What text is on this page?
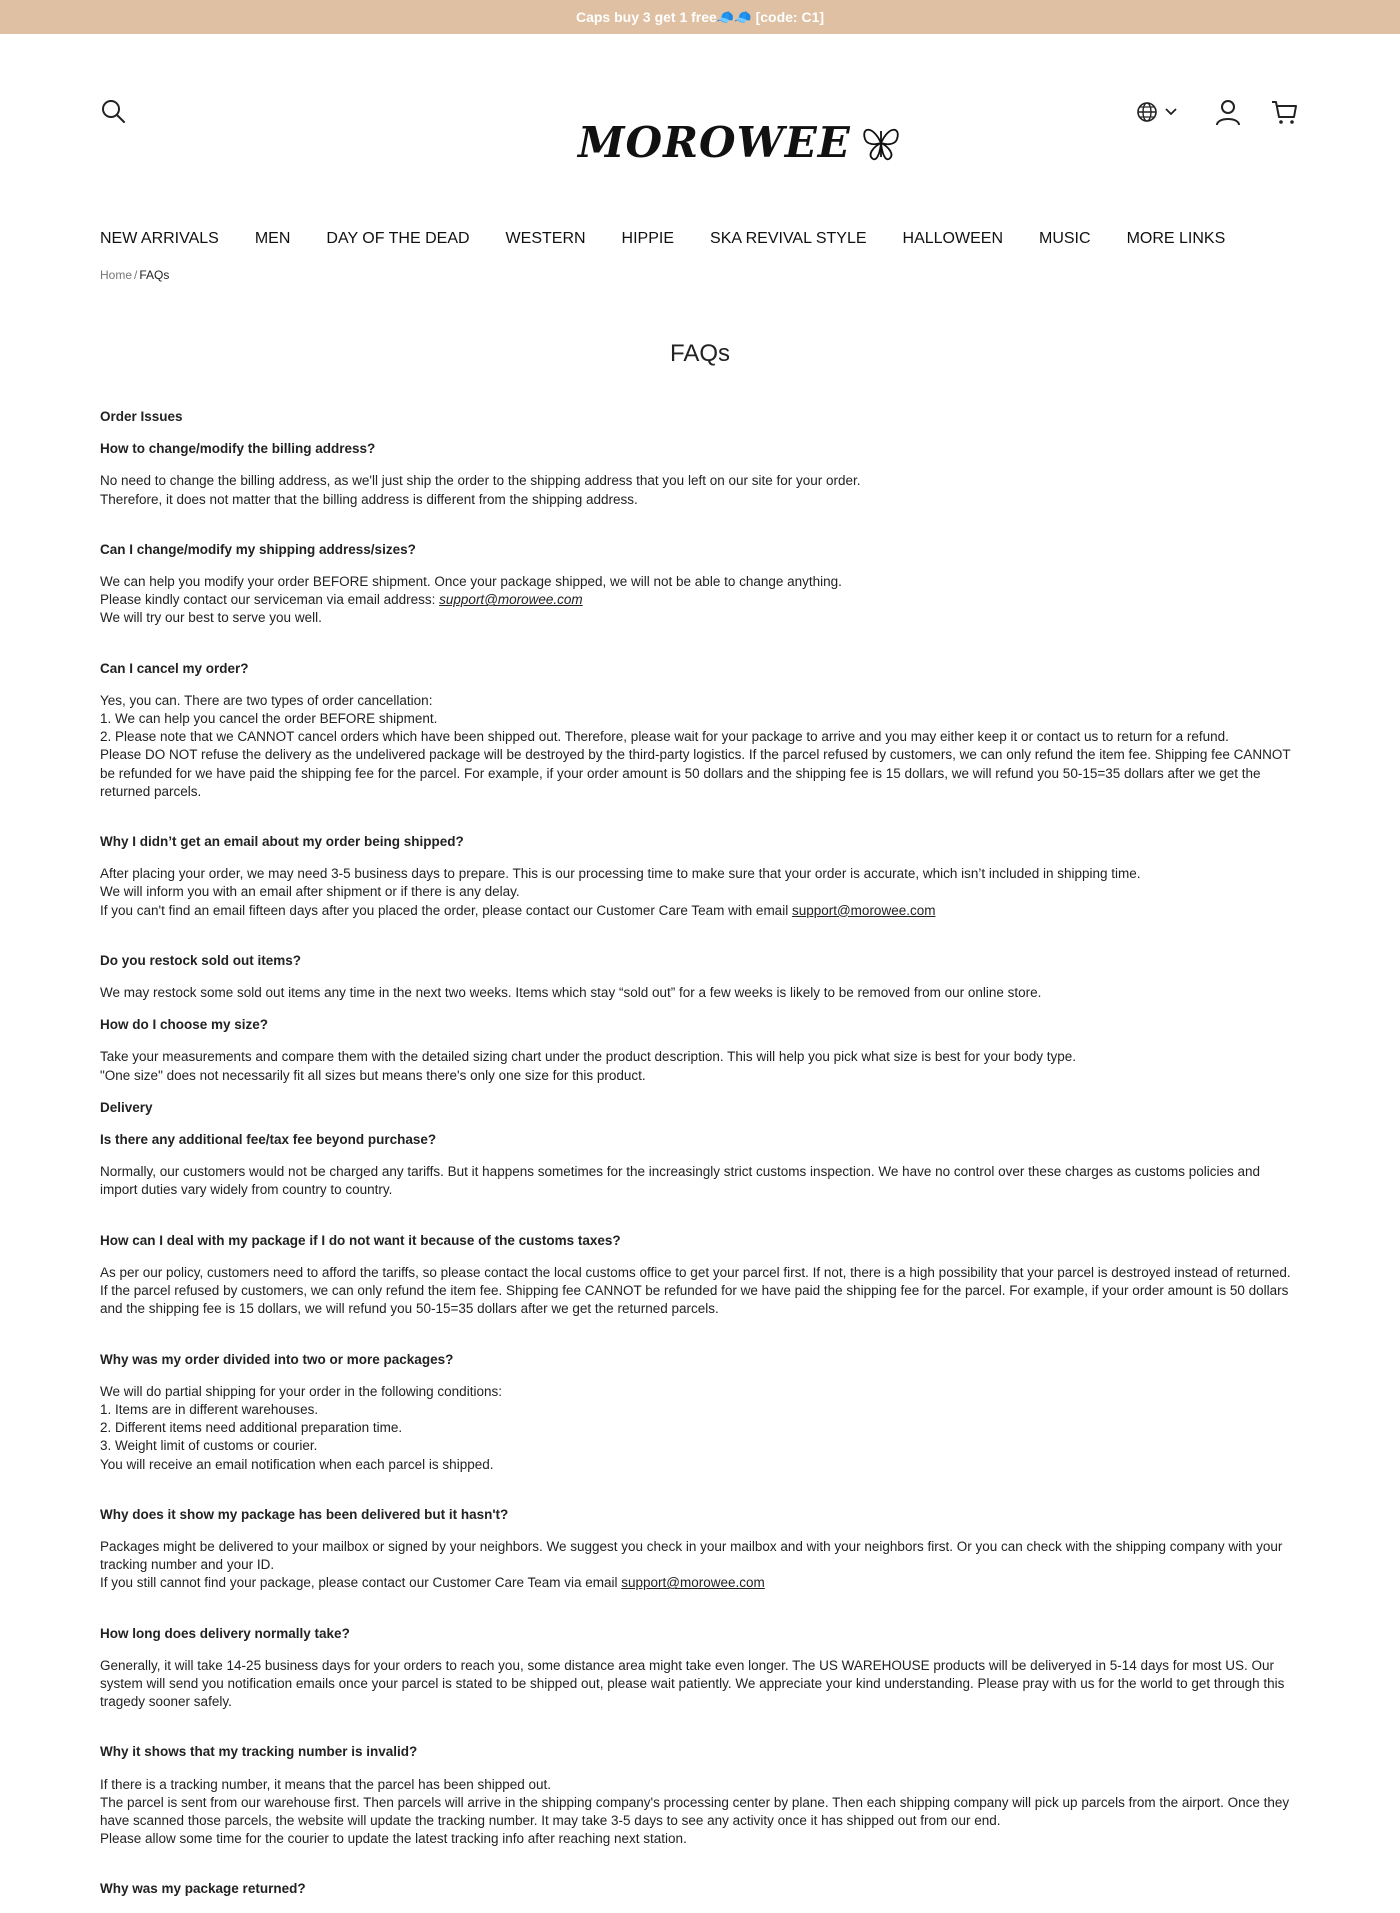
Caps buy 3 get 1 free🧢🧢 [code: C1]
MOROWEE
NEW ARRIVALS MEN DAY OF THE DEAD WESTERN HIPPIE SKA REVIVAL STYLE HALLOWEEN MUSIC MORE LINKS
Home / FAQs
FAQs
Order Issues
How to change/modify the billing address?
No need to change the billing address, as we'll just ship the order to the shipping address that you left on our site for your order.
Therefore, it does not matter that the billing address is different from the shipping address.
Can I change/modify my shipping address/sizes?
We can help you modify your order BEFORE shipment. Once your package shipped, we will not be able to change anything.
Please kindly contact our serviceman via email address: support@morowee.com
We will try our best to serve you well.
Can I cancel my order?
Yes, you can. There are two types of order cancellation:
1. We can help you cancel the order BEFORE shipment.
2. Please note that we CANNOT cancel orders which have been shipped out. Therefore, please wait for your package to arrive and you may either keep it or contact us to return for a refund.
Please DO NOT refuse the delivery as the undelivered package will be destroyed by the third-party logistics. If the parcel refused by customers, we can only refund the item fee. Shipping fee CANNOT be refunded for we have paid the shipping fee for the parcel. For example, if your order amount is 50 dollars and the shipping fee is 15 dollars, we will refund you 50-15=35 dollars after we get the returned parcels.
Why I didn’t get an email about my order being shipped?
After placing your order, we may need 3-5 business days to prepare. This is our processing time to make sure that your order is accurate, which isn’t included in shipping time.
We will inform you with an email after shipment or if there is any delay.
If you can't find an email fifteen days after you placed the order, please contact our Customer Care Team with email support@morowee.com
Do you restock sold out items?
We may restock some sold out items any time in the next two weeks. Items which stay “sold out” for a few weeks is likely to be removed from our online store.
How do I choose my size?
Take your measurements and compare them with the detailed sizing chart under the product description. This will help you pick what size is best for your body type.
"One size" does not necessarily fit all sizes but means there's only one size for this product.
Delivery
Is there any additional fee/tax fee beyond purchase?
Normally, our customers would not be charged any tariffs. But it happens sometimes for the increasingly strict customs inspection. We have no control over these charges as customs policies and import duties vary widely from country to country.
How can I deal with my package if I do not want it because of the customs taxes?
As per our policy, customers need to afford the tariffs, so please contact the local customs office to get your parcel first. If not, there is a high possibility that your parcel is destroyed instead of returned. If the parcel refused by customers, we can only refund the item fee. Shipping fee CANNOT be refunded for we have paid the shipping fee for the parcel. For example, if your order amount is 50 dollars and the shipping fee is 15 dollars, we will refund you 50-15=35 dollars after we get the returned parcels.
Why was my order divided into two or more packages?
We will do partial shipping for your order in the following conditions:
1. Items are in different warehouses.
2. Different items need additional preparation time.
3. Weight limit of customs or courier.
You will receive an email notification when each parcel is shipped.
Why does it show my package has been delivered but it hasn't?
Packages might be delivered to your mailbox or signed by your neighbors. We suggest you check in your mailbox and with your neighbors first. Or you can check with the shipping company with your tracking number and your ID.
If you still cannot find your package, please contact our Customer Care Team via email support@morowee.com
How long does delivery normally take?
Generally, it will take 14-25 business days for your orders to reach you, some distance area might take even longer. The US WAREHOUSE products will be deliveryed in 5-14 days for most US. Our system will send you notification emails once your parcel is stated to be shipped out, please wait patiently. We appreciate your kind understanding. Please pray with us for the world to get through this tragedy sooner safely.
Why it shows that my tracking number is invalid?
If there is a tracking number, it means that the parcel has been shipped out.
The parcel is sent from our warehouse first. Then parcels will arrive in the shipping company's processing center by plane. Then each shipping company will pick up parcels from the airport. Once they have scanned those parcels, the website will update the tracking number. It may take 3-5 days to see any activity once it has shipped out from our end.
Please allow some time for the courier to update the latest tracking info after reaching next station.
Why was my package returned?
